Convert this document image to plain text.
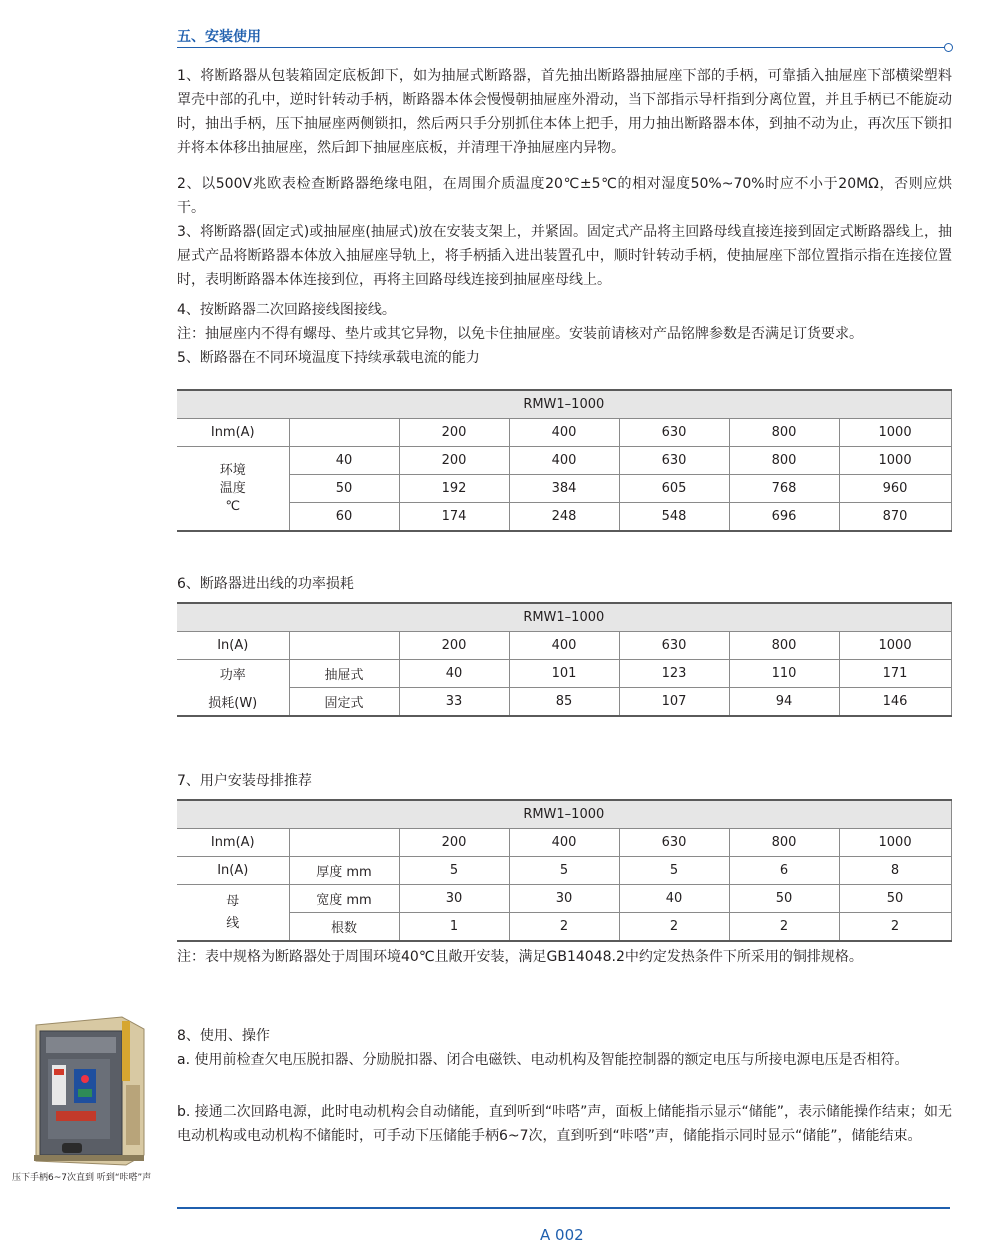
五、安装使用

1、将断路器从包装箱固定底板卸下，如为抽屉式断路器，首先抽出断路器抽屉座下部的手柄，可靠插入抽屉座下部横梁塑料罩壳中部的孔中，逆时针转动手柄，断路器本体会慢慢朝抽屉座外滑动，当下部指示导杆指到分离位置，并且手柄已不能旋动时，抽出手柄，压下抽屉座两侧锁扣，然后两只手分别抓住本体上把手，用力抽出断路器本体，到抽不动为止，再次压下锁扣并将本体移出抽屉座，然后卸下抽屉座底板，并清理干净抽屉座内异物。

2、以500V兆欧表检查断路器绝缘电阻，在周围介质温度20℃±5℃的相对湿度50%~70%时应不小于20MΩ，否则应烘干。

3、将断路器(固定式)或抽屉座(抽屉式)放在安装支架上，并紧固。固定式产品将主回路母线直接连接到固定式断路器线上，抽屉式产品将断路器本体放入抽屉座导轨上，将手柄插入进出装置孔中，顺时针转动手柄，使抽屉座下部位置指示指在连接位置时，表明断路器本体连接到位，再将主回路母线连接到抽屉座母线上。

4、按断路器二次回路接线图接线。

注：抽屉座内不得有螺母、垫片或其它异物，以免卡住抽屉座。安装前请核对产品铭牌参数是否满足订货要求。

5、断路器在不同环境温度下持续承载电流的能力

RMW1–1000						
Inm(A)		200	400	630	800	1000
环境
温度
℃	40	200	400	630	800	1000
	50	192	384	605	768	960
	60	174	248	548	696	870
6、断路器进出线的功率损耗
RMW1–1000						
In(A)		200	400	630	800	1000
功率	抽屉式	40	101	123	110	171
损耗(W)	固定式	33	85	107	94	146
7、用户安装母排推荐
RMW1–1000						
Inm(A)		200	400	630	800	1000
In(A)	厚度 mm	5	5	5	6	8
母
线	宽度 mm	30	30	40	50	50
	根数	1	2	2	2	2

注：表中规格为断路器处于周围环境40℃且敞开安装，满足GB14048.2中约定发热条件下所采用的铜排规格。

8、使用、操作

a. 使用前检查欠电压脱扣器、分励脱扣器、闭合电磁铁、电动机构及智能控制器的额定电压与所接电源电压是否相符。

b. 接通二次回路电源，此时电动机构会自动储能，直到听到“咔嗒”声，面板上储能指示显示“储能”，表示储能操作结束；如无电动机构或电动机构不储能时，可手动下压储能手柄6~7次，直到听到“咔嗒”声，储能指示同时显示“储能”，储能结束。

压下手柄6~7次直到 听到“咔嗒”声
A 002
